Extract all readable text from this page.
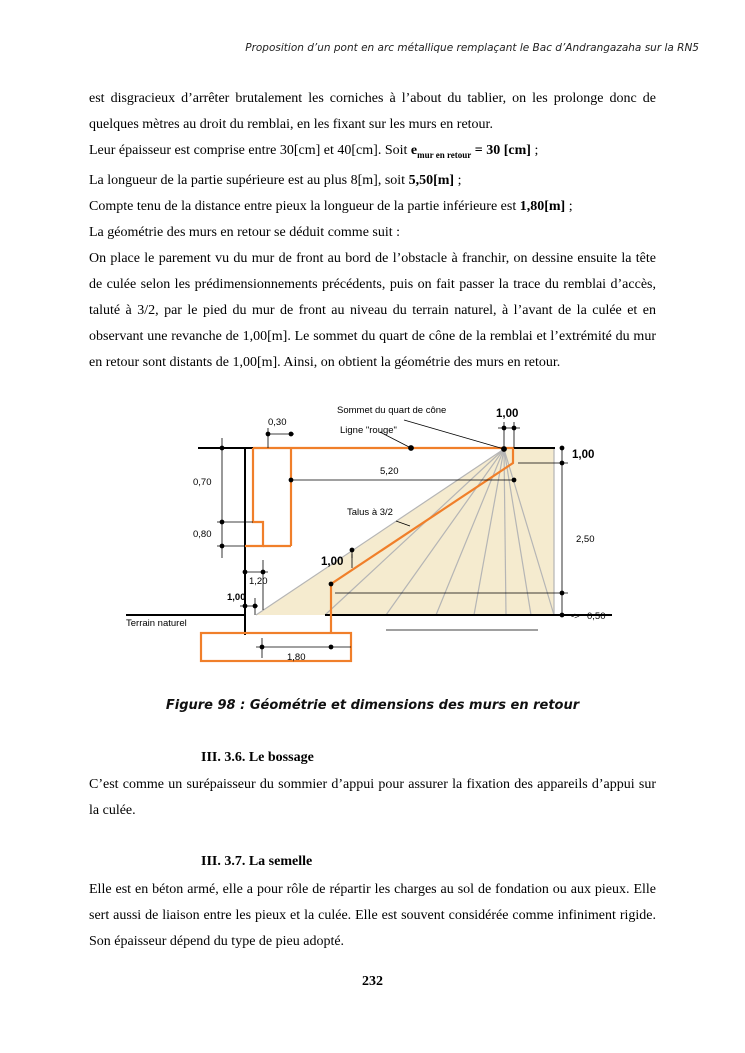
Proposition d’un pont en arc métallique remplaçant le Bac d’Andrangazaha sur la RN5

est disgracieux d’arrêter brutalement les corniches à l’about du tablier, on les prolonge donc de quelques mètres au droit du remblai, en les fixant sur les murs en retour.

Leur épaisseur est comprise entre 30[cm] et 40[cm]. Soit $e_{mur en retour} = 30$ [cm] ;

La longueur de la partie supérieure est au plus 8[m], soit 5,50[m] ;

Compte tenu de la distance entre pieux la longueur de la partie inférieure est 1,80[m] ;

La géométrie des murs en retour se déduit comme suit :

On place le parement vu du mur de front au bord de l’obstacle à franchir, on dessine ensuite la tête de culée selon les prédimensionnements précédents, puis on fait passer la trace du remblai d’accès, taluté à 3/2, par le pied du mur de front au niveau du terrain naturel, à l’avant de la culée et en observant une revanche de 1,00[m]. Le sommet du quart de cône de la remblai et l’extrémité du mur en retour sont distants de 1,00[m]. Ainsi, on obtient la géométrie des murs en retour.

Sommet du quart de cône
Ligne "rouge"
Talus à 3/2
Terrain naturel
0,30
1,00
5,20
1,00
0,70
0,80	2,50
1,00
1,20
1,00
0,50
->
1,80
Figure 98 : Géométrie et dimensions des murs en retour
III. 3.6. Le bossage
C’est comme un surépaisseur du sommier d’appui pour assurer la fixation des appareils d’appui sur la culée.
III. 3.7. La semelle
Elle est en béton armé, elle a pour rôle de répartir les charges au sol de fondation ou aux pieux. Elle sert aussi de liaison entre les pieux et la culée. Elle est souvent considérée comme infiniment rigide. Son épaisseur dépend du type de pieu adopté.
232
